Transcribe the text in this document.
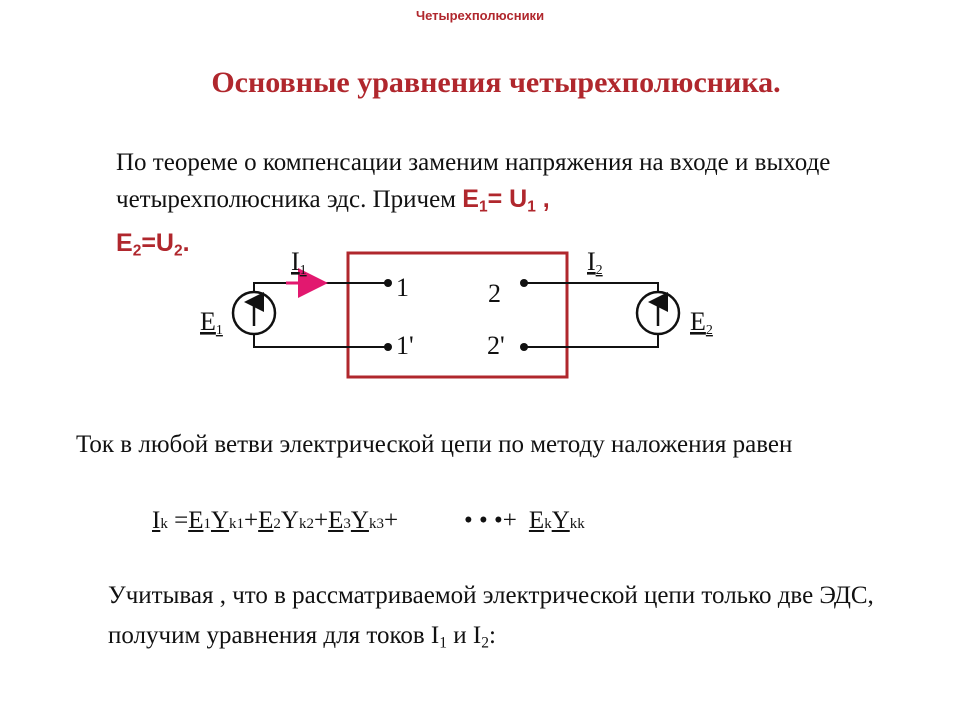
Четырехполюсники
Основные уравнения четырехполюсника.
По теореме о компенсации заменим напряжения на входе и выходе четырехполюсника эдс. Причем $E_1= U_1$ ,
$E_2=U_2$.
I1	I2
E1	E2
1
1'
2
2'
Ток в любой ветви электрической цепи по методу наложения равен
Ik =E1Yk1+E2Yk2+E3Yk3+	• • •+ EkYkk
Учитывая , что в рассматриваемой электрической цепи только две ЭДС, получим уравнения для токов $I_1$ и $I_2$:
